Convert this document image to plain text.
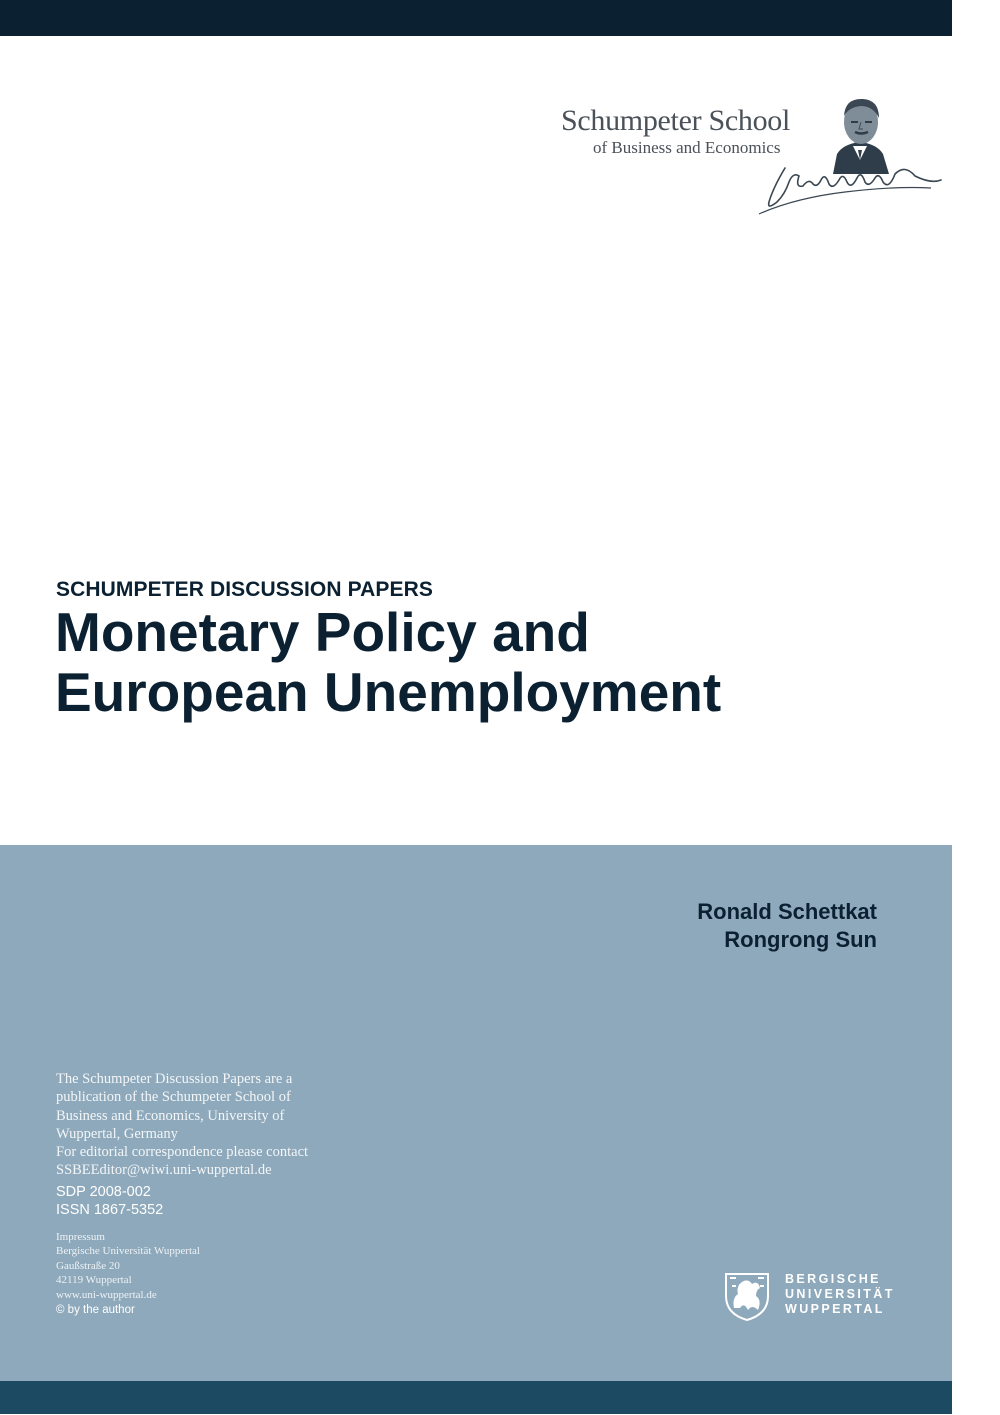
Schumpeter School
of Business and Economics
SCHUMPETER DISCUSSION PAPERS
Monetary Policy and
European Unemployment
Ronald Schettkat
Rongrong Sun
The Schumpeter Discussion Papers are a
publication of the Schumpeter School of
Business and Economics, University of
Wuppertal, Germany
For editorial correspondence please contact
SSBEEditor@wiwi.uni-wuppertal.de
SDP 2008-002
ISSN 1867-5352
Impressum
Bergische Universität Wuppertal
Gaußstraße 20
42119 Wuppertal
www.uni-wuppertal.de
© by the author
BERGISCHE
UNIVERSITÄT
WUPPERTAL
